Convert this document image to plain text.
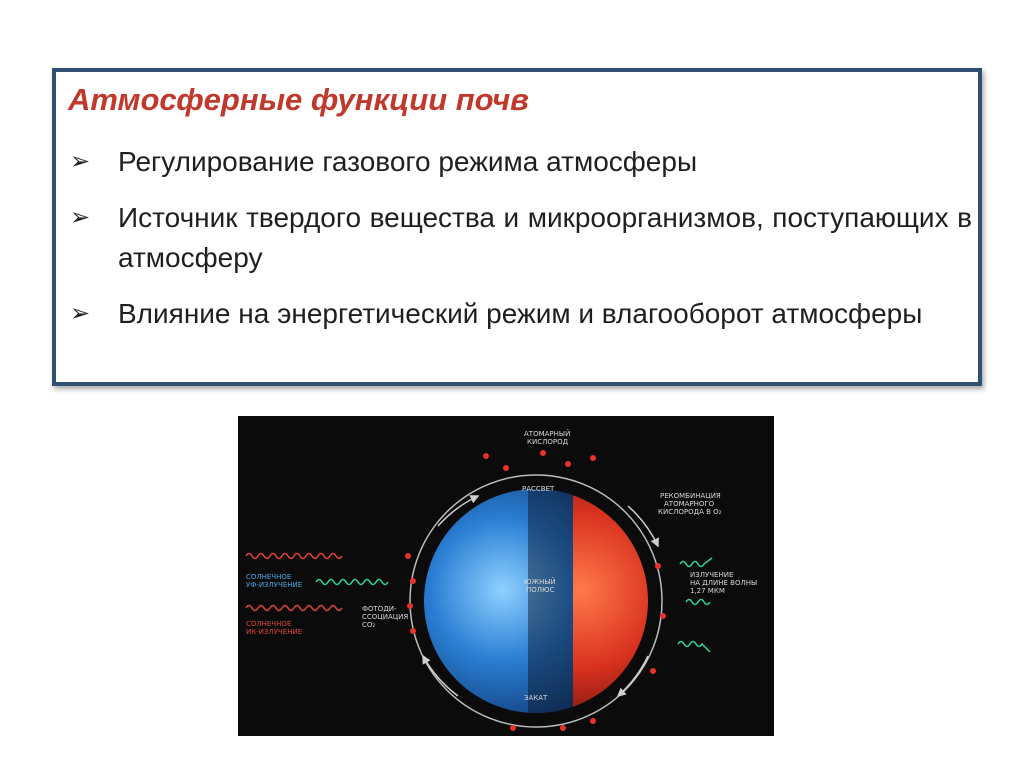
Атмосферные функции почв
➢ Регулирование газового режима атмосферы
➢ Источник твердого вещества и микроорганизмов, поступающих в атмосферу
➢ Влияние на энергетический режим и влагооборот атмосферы
АТОМАРНЫЙ
КИСЛОРОД
РАССВЕТ
РЕКОМБИНАЦИЯ
АТОМАРНОГО
КИСЛОРОДА В O₂
ЮЖНЫЙ
ПОЛЮС
ИЗЛУЧЕНИЕ
НА ДЛИНЕ ВОЛНЫ
1,27 МКМ
СОЛНЕЧНОЕ
УФ-ИЗЛУЧЕНИЕ
СОЛНЕЧНОЕ
ИК-ИЗЛУЧЕНИЕ
ФОТОДИ-
ССОЦИАЦИЯ
CO₂
ЗАКАТ
